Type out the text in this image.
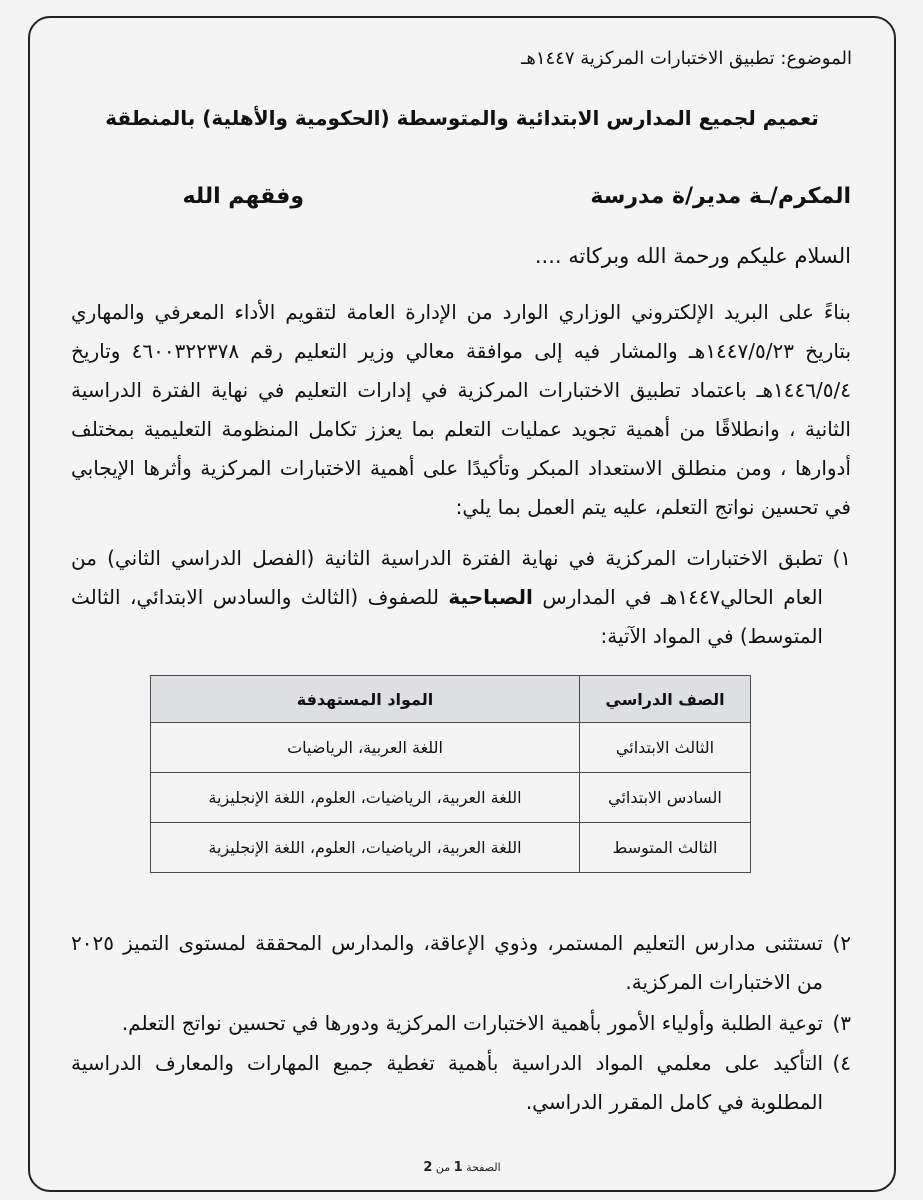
الموضوع: تطبيق الاختبارات المركزية ١٤٤٧هـ
تعميم لجميع المدارس الابتدائية والمتوسطة (الحكومية والأهلية) بالمنطقة
المكرم/ـة مدير/ة مدرسة
وفقهم الله
السلام عليكم ورحمة الله وبركاته ....
بناءً على البريد الإلكتروني الوزاري الوارد من الإدارة العامة لتقويم الأداء المعرفي والمهاري بتاريخ ١٤٤٧/٥/٢٣هـ والمشار فيه إلى موافقة معالي وزير التعليم رقم ٤٦٠٠٣٢٢٣٧٨ وتاريخ ١٤٤٦/٥/٤هـ باعتماد تطبيق الاختبارات المركزية في إدارات التعليم في نهاية الفترة الدراسية الثانية ، وانطلاقًا من أهمية تجويد عمليات التعلم بما يعزز تكامل المنظومة التعليمية بمختلف أدوارها ، ومن منطلق الاستعداد المبكر وتأكيدًا على أهمية الاختبارات المركزية وأثرها الإيجابي في تحسين نواتج التعلم، عليه يتم العمل بما يلي:
١)
تطبق الاختبارات المركزية في نهاية الفترة الدراسية الثانية (الفصل الدراسي الثاني) من العام الحالي١٤٤٧هـ في المدارس الصباحية للصفوف (الثالث والسادس الابتدائي، الثالث المتوسط) في المواد الآتية:
الصف الدراسي	المواد المستهدفة
الثالث الابتدائي	اللغة العربية، الرياضيات
السادس الابتدائي	اللغة العربية، الرياضيات، العلوم، اللغة الإنجليزية
الثالث المتوسط	اللغة العربية، الرياضيات، العلوم، اللغة الإنجليزية
٢)
تستثنى مدارس التعليم المستمر، وذوي الإعاقة، والمدارس المحققة لمستوى التميز ٢٠٢٥ من الاختبارات المركزية.
٣)
توعية الطلبة وأولياء الأمور بأهمية الاختبارات المركزية ودورها في تحسين نواتج التعلم.
٤)
التأكيد على معلمي المواد الدراسية بأهمية تغطية جميع المهارات والمعارف الدراسية المطلوبة في كامل المقرر الدراسي.
الصفحة 1 من 2
